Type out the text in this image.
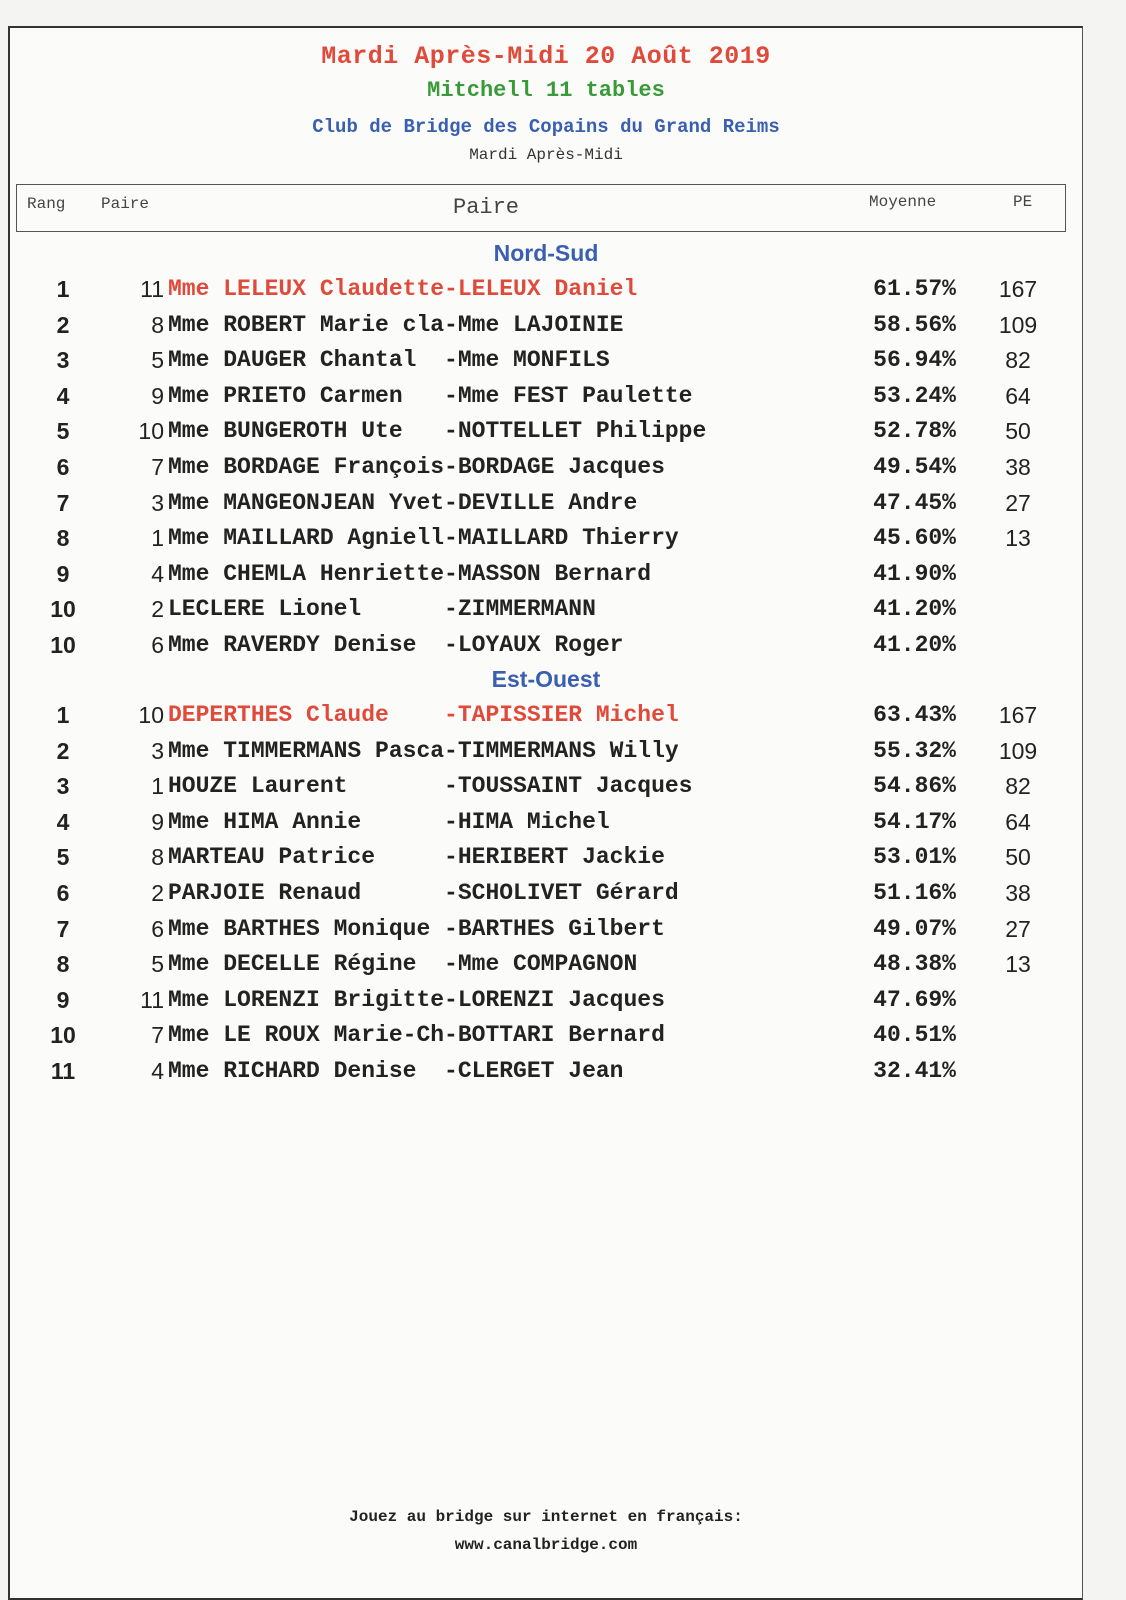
Mardi Après-Midi 20 Août 2019
Mitchell 11 tables
Club de Bridge des Copains du Grand Reims
Mardi Après-Midi
Rang Paire	Paire	Moyenne	PE
Nord-Sud
1	11 Mme LELEUX Claudette-LELEUX Daniel	61.57%	167
2	8 Mme ROBERT Marie cla-Mme LAJOINIE	58.56%	109
3	5 Mme DAUGER Chantal  -Mme MONFILS	56.94%	82
4	9 Mme PRIETO Carmen   -Mme FEST Paulette	53.24%	64
5	10 Mme BUNGEROTH Ute   -NOTTELLET Philippe	52.78%	50
6	7 Mme BORDAGE François-BORDAGE Jacques	49.54%	38
7	3 Mme MANGEONJEAN Yvet-DEVILLE Andre	47.45%	27
8	1 Mme MAILLARD Agniell-MAILLARD Thierry	45.60%	13
9	4 Mme CHEMLA Henriette-MASSON Bernard	41.90%
10	2 LECLERE Lionel      -ZIMMERMANN	41.20%
10	6 Mme RAVERDY Denise  -LOYAUX Roger	41.20%
Est-Ouest
1	10 DEPERTHES Claude    -TAPISSIER Michel	63.43%	167
2	3 Mme TIMMERMANS Pasca-TIMMERMANS Willy	55.32%	109
3	1 HOUZE Laurent       -TOUSSAINT Jacques	54.86%	82
4	9 Mme HIMA Annie      -HIMA Michel	54.17%	64
5	8 MARTEAU Patrice     -HERIBERT Jackie	53.01%	50
6	2 PARJOIE Renaud      -SCHOLIVET Gérard	51.16%	38
7	6 Mme BARTHES Monique -BARTHES Gilbert	49.07%	27
8	5 Mme DECELLE Régine  -Mme COMPAGNON	48.38%	13
9	11 Mme LORENZI Brigitte-LORENZI Jacques	47.69%
10	7 Mme LE ROUX Marie-Ch-BOTTARI Bernard	40.51%
11	4 Mme RICHARD Denise  -CLERGET Jean	32.41%
Jouez au bridge sur internet en français:
www.canalbridge.com
